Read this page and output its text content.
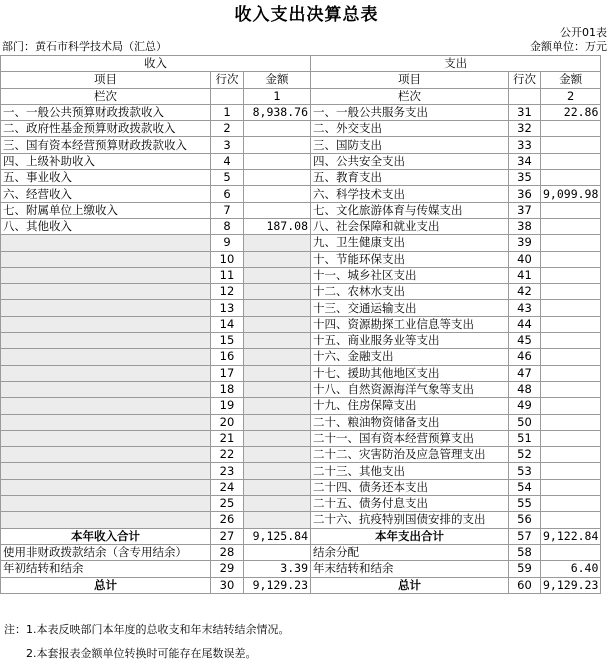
收入支出决算总表
公开01表
部门：黄石市科学技术局（汇总）	金额单位：万元
收入			支出		
项目	行次	金额	项目	行次	金额
栏次		1	栏次		2
一、一般公共预算财政拨款收入	1	8,938.76	一、一般公共服务支出	31	22.86
二、政府性基金预算财政拨款收入	2		二、外交支出	32	
三、国有资本经营预算财政拨款收入	3		三、国防支出	33	
四、上级补助收入	4		四、公共安全支出	34	
五、事业收入	5		五、教育支出	35	
六、经营收入	6		六、科学技术支出	36	9,099.98
七、附属单位上缴收入	7		七、文化旅游体育与传媒支出	37	
八、其他收入	8	187.08	八、社会保障和就业支出	38	
	9		九、卫生健康支出	39	
	10		十、节能环保支出	40	
	11		十一、城乡社区支出	41	
	12		十二、农林水支出	42	
	13		十三、交通运输支出	43	
	14		十四、资源勘探工业信息等支出	44	
	15		十五、商业服务业等支出	45	
	16		十六、金融支出	46	
	17		十七、援助其他地区支出	47	
	18		十八、自然资源海洋气象等支出	48	
	19		十九、住房保障支出	49	
	20		二十、粮油物资储备支出	50	
	21		二十一、国有资本经营预算支出	51	
	22		二十二、灾害防治及应急管理支出	52	
	23		二十三、其他支出	53	
	24		二十四、债务还本支出	54	
	25		二十五、债务付息支出	55	
	26		二十六、抗疫特别国债安排的支出	56	
本年收入合计	27	9,125.84	本年支出合计	57	9,122.84
使用非财政拨款结余（含专用结余）	28		结余分配	58	
年初结转和结余	29	3.39	年末结转和结余	59	6.40
总计	30	9,129.23	总计	60	9,129.23
注：1.本表反映部门本年度的总收支和年末结转结余情况。
2.本套报表金额单位转换时可能存在尾数误差。
